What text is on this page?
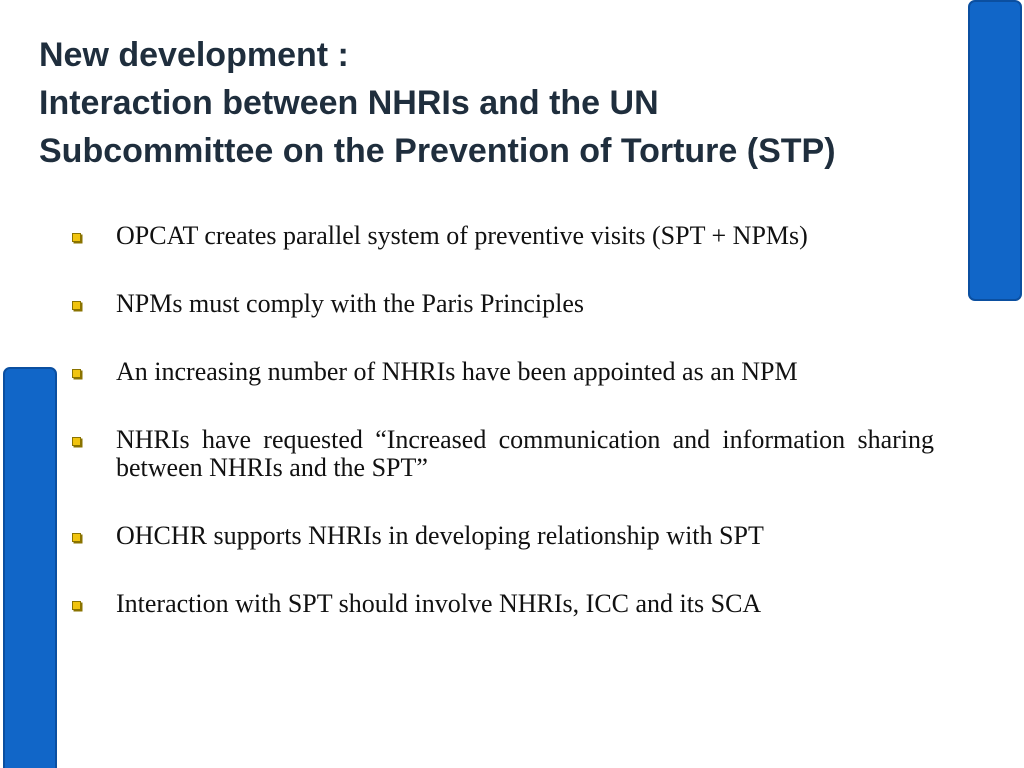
New development :
Interaction between NHRIs and the UN
Subcommittee on the Prevention of Torture (STP)
OPCAT creates parallel system of preventive visits (SPT + NPMs)
NPMs must comply with the Paris Principles
An increasing number of NHRIs have been appointed as an NPM
NHRIs have requested “Increased communication and information sharing between NHRIs and the SPT”
OHCHR supports NHRIs in developing relationship with SPT
Interaction with SPT should involve NHRIs, ICC and its SCA
